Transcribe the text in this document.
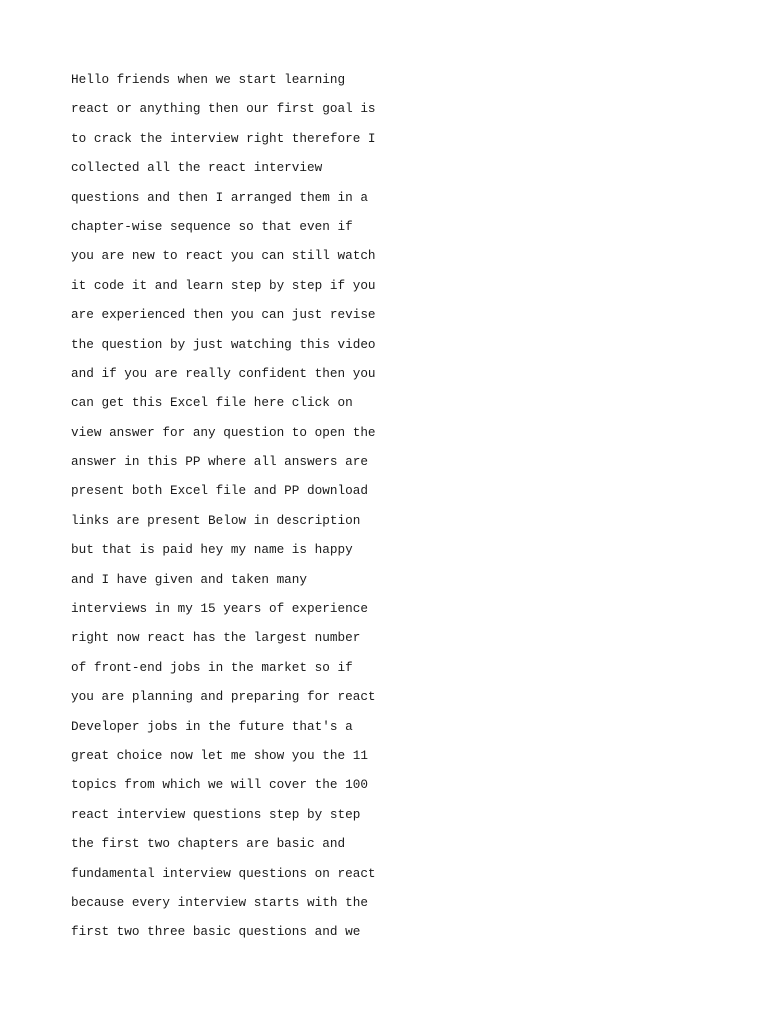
Hello friends when we start learning
react or anything then our first goal is
to crack the interview right therefore I
collected all the react interview
questions and then I arranged them in a
chapter-wise sequence so that even if
you are new to react you can still watch
it code it and learn step by step if you
are experienced then you can just revise
the question by just watching this video
and if you are really confident then you
can get this Excel file here click on
view answer for any question to open the
answer in this PP where all answers are
present both Excel file and PP download
links are present Below in description
but that is paid hey my name is happy
and I have given and taken many
interviews in my 15 years of experience
right now react has the largest number
of front-end jobs in the market so if
you are planning and preparing for react
Developer jobs in the future that's a
great choice now let me show you the 11
topics from which we will cover the 100
react interview questions step by step
the first two chapters are basic and
fundamental interview questions on react
because every interview starts with the
first two three basic questions and we
